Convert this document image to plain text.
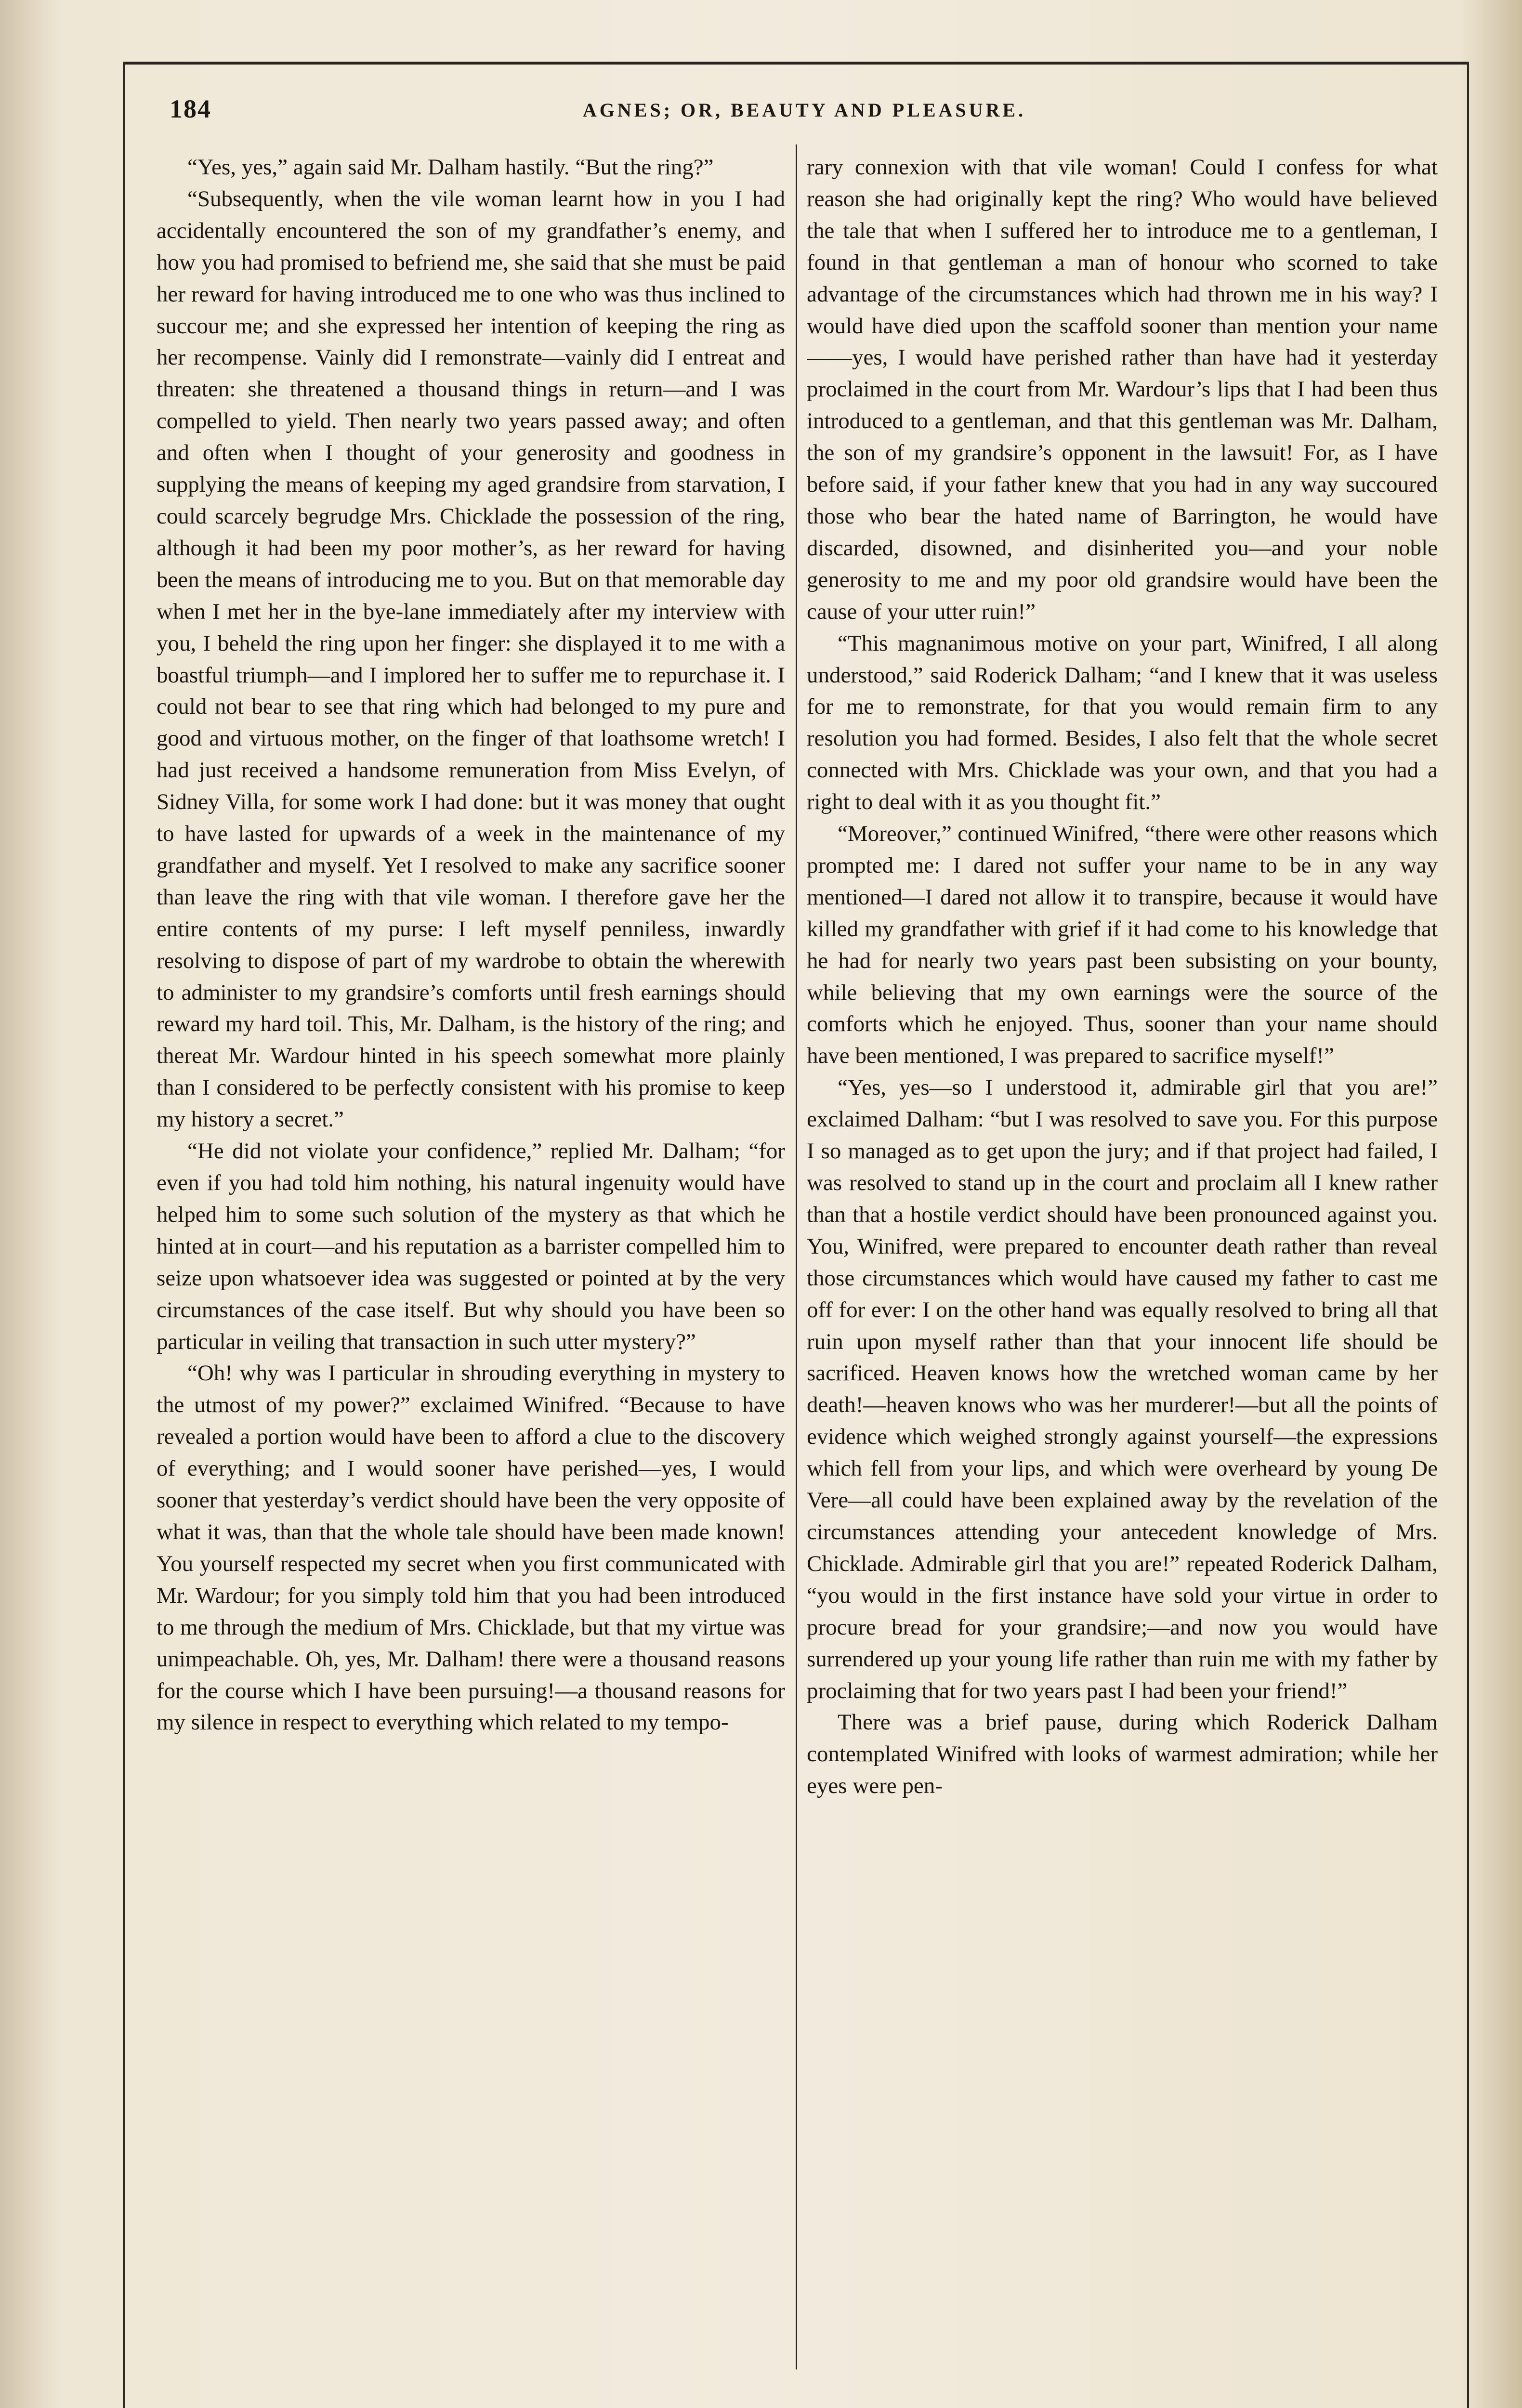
184	AGNES; OR, BEAUTY AND PLEASURE.

“Yes, yes,” again said Mr. Dalham hastily. “But the ring?”

“Subsequently, when the vile woman learnt how in you I had accidentally encountered the son of my grandfather’s enemy, and how you had promised to befriend me, she said that she must be paid her reward for having introduced me to one who was thus inclined to succour me; and she expressed her intention of keeping the ring as her recompense. Vainly did I remonstrate—vainly did I entreat and threaten: she threatened a thousand things in return—and I was compelled to yield. Then nearly two years passed away; and often and often when I thought of your generosity and goodness in supplying the means of keeping my aged grandsire from starvation, I could scarcely begrudge Mrs. Chicklade the possession of the ring, although it had been my poor mother’s, as her reward for having been the means of introducing me to you. But on that memorable day when I met her in the bye-lane immediately after my interview with you, I beheld the ring upon her finger: she displayed it to me with a boastful triumph—and I implored her to suffer me to repurchase it. I could not bear to see that ring which had belonged to my pure and good and virtuous mother, on the finger of that loathsome wretch! I had just received a handsome remuneration from Miss Evelyn, of Sidney Villa, for some work I had done: but it was money that ought to have lasted for upwards of a week in the maintenance of my grandfather and myself. Yet I resolved to make any sacrifice sooner than leave the ring with that vile woman. I therefore gave her the entire contents of my purse: I left myself penniless, inwardly resolving to dispose of part of my wardrobe to obtain the wherewith to administer to my grandsire’s comforts until fresh earnings should reward my hard toil. This, Mr. Dalham, is the history of the ring; and thereat Mr. Wardour hinted in his speech somewhat more plainly than I considered to be perfectly consistent with his promise to keep my history a secret.”

“He did not violate your confidence,” replied Mr. Dalham; “for even if you had told him nothing, his natural ingenuity would have helped him to some such solution of the mystery as that which he hinted at in court—and his reputation as a barrister compelled him to seize upon whatsoever idea was suggested or pointed at by the very circumstances of the case itself. But why should you have been so particular in veiling that transaction in such utter mystery?”

“Oh! why was I particular in shrouding everything in mystery to the utmost of my power?” exclaimed Winifred. “Because to have revealed a portion would have been to afford a clue to the discovery of everything; and I would sooner have perished—yes, I would sooner that yesterday’s verdict should have been the very opposite of what it was, than that the whole tale should have been made known! You yourself respected my secret when you first communicated with Mr. Wardour; for you simply told him that you had been introduced to me through the medium of Mrs. Chicklade, but that my virtue was unimpeachable. Oh, yes, Mr. Dalham! there were a thousand reasons for the course which I have been pursuing!—a thousand reasons for my silence in respect to everything which related to my tempo-

rary connexion with that vile woman! Could I confess for what reason she had originally kept the ring? Who would have believed the tale that when I suffered her to introduce me to a gentleman, I found in that gentleman a man of honour who scorned to take advantage of the circumstances which had thrown me in his way? I would have died upon the scaffold sooner than mention your name——yes, I would have perished rather than have had it yesterday proclaimed in the court from Mr. Wardour’s lips that I had been thus introduced to a gentleman, and that this gentleman was Mr. Dalham, the son of my grandsire’s opponent in the lawsuit! For, as I have before said, if your father knew that you had in any way succoured those who bear the hated name of Barrington, he would have discarded, disowned, and disinherited you—and your noble generosity to me and my poor old grandsire would have been the cause of your utter ruin!”

“This magnanimous motive on your part, Winifred, I all along understood,” said Roderick Dalham; “and I knew that it was useless for me to remonstrate, for that you would remain firm to any resolution you had formed. Besides, I also felt that the whole secret connected with Mrs. Chicklade was your own, and that you had a right to deal with it as you thought fit.”

“Moreover,” continued Winifred, “there were other reasons which prompted me: I dared not suffer your name to be in any way mentioned—I dared not allow it to transpire, because it would have killed my grandfather with grief if it had come to his knowledge that he had for nearly two years past been subsisting on your bounty, while believing that my own earnings were the source of the comforts which he enjoyed. Thus, sooner than your name should have been mentioned, I was prepared to sacrifice myself!”

“Yes, yes—so I understood it, admirable girl that you are!” exclaimed Dalham: “but I was resolved to save you. For this purpose I so managed as to get upon the jury; and if that project had failed, I was resolved to stand up in the court and proclaim all I knew rather than that a hostile verdict should have been pronounced against you. You, Winifred, were prepared to encounter death rather than reveal those circumstances which would have caused my father to cast me off for ever: I on the other hand was equally resolved to bring all that ruin upon myself rather than that your innocent life should be sacrificed. Heaven knows how the wretched woman came by her death!—heaven knows who was her murderer!—but all the points of evidence which weighed strongly against yourself—the expressions which fell from your lips, and which were overheard by young De Vere—all could have been explained away by the revelation of the circumstances attending your antecedent knowledge of Mrs. Chicklade. Admirable girl that you are!” repeated Roderick Dalham, “you would in the first instance have sold your virtue in order to procure bread for your grandsire;—and now you would have surrendered up your young life rather than ruin me with my father by proclaiming that for two years past I had been your friend!”

There was a brief pause, during which Roderick Dalham contemplated Winifred with looks of warmest admiration; while her eyes were pen-
